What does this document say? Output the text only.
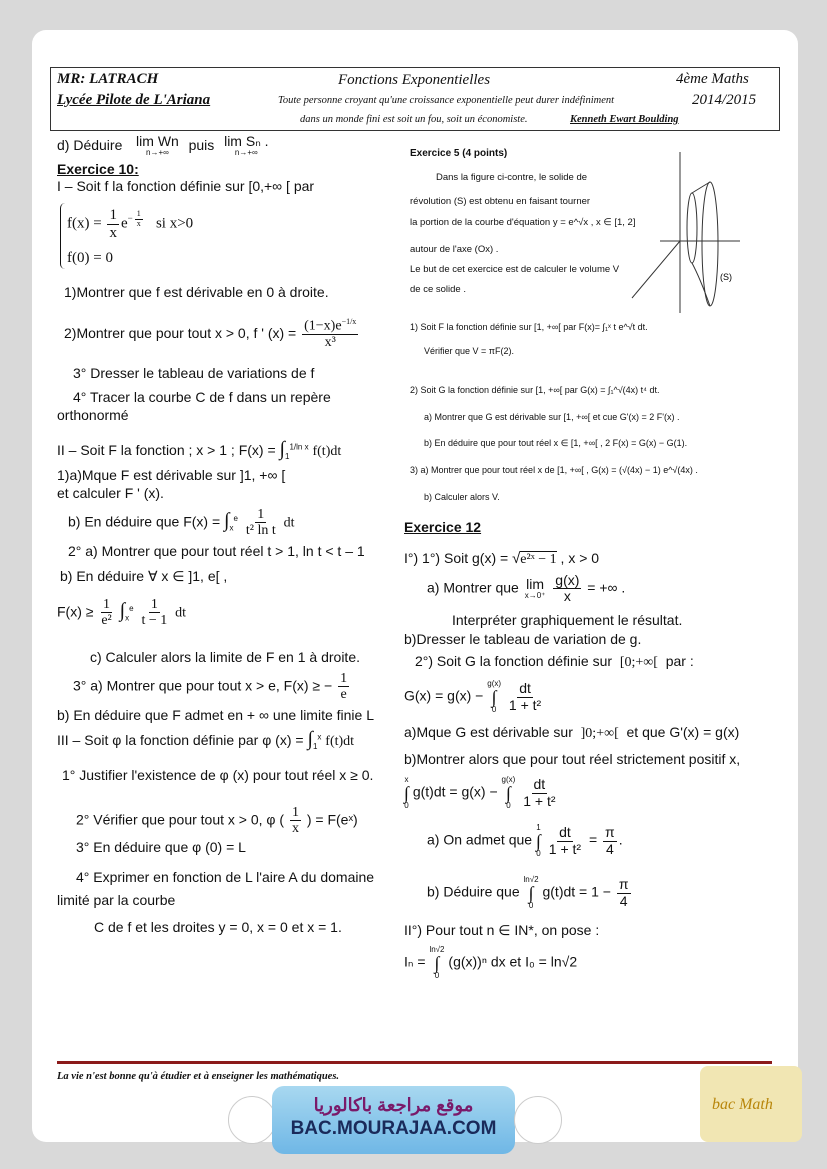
MR: LATRACH
Lycée Pilote de L'Ariana
Fonctions Exponentielles
Toute personne croyant qu'une croissance exponentielle peut durer indéfiniment
dans un monde fini est soit un fou, soit un économiste.	Kenneth Ewart Boulding
4ème Maths
2014/2015
d) Déduire lim Wn
n→+∞
puis lim Sₙ .
n→+∞
Exercice 10:
I – Soit f la fonction définie sur [0,+∞ [ par
$f(x) = \frac{1}{x} e^{- \frac{1}{x}}$ si x>0
f(0) = 0
1)Montrer que f est dérivable en 0 à droite.
2)Montrer que pour tout x > 0, f ' $(x) = \frac{(1-x)e^{-1/x}}{\text{x³}}$
3° Dresser le tableau de variations de f
4° Tracer la courbe C de f dans un repère
orthonormé
II – Soit F la fonction ; x > 1 ; $F(x) = \int_1^{1/ln x}$ f(t)dt
1)a)Mque F est dérivable sur ]1, +∞ [
et calculer F ' (x).
b) En déduire que $F(x) = \int_x^e \frac{1}{\text{t² ln t}}$ dt
2° a) Montrer que pour tout réel t > 1, ln t < t – 1
b) En déduire ∀ x ∈ ]1, e[ ,
$F(x) \ge \frac{1}{\text{e²}} \int_x^e \frac{1}{t - 1}$ dt
c) Calculer alors la limite de F en 1 à droite.
3° a) Montrer que pour tout x > e, F(x) ≥ − $\frac{1}{e}$
b) En déduire que F admet en + ∞ une limite finie L
III – Soit φ la fonction définie par φ $(x) = \int_1^x$ f(t)dt
1° Justifier l'existence de φ (x) pour tout réel x ≥ 0.
2° Vérifier que pour tout x > 0, φ ( $\frac{1}{x}$ ) = F(eˣ)
3° En déduire que φ (0) = L
4° Exprimer en fonction de L l'aire A du domaine
limité par la courbe
C de f et les droites y = 0, x = 0 et x = 1.
Exercice 5 (4 points)
Dans la figure ci-contre, le solide de
révolution (S) est obtenu en faisant tourner
la portion de la courbe d'équation y = e^√x , x ∈ [1, 2]
autour de l'axe (Ox) .
Le but de cet exercice est de calculer le volume V
de ce solide .
(S)
1) Soit F la fonction définie sur [1, +∞[ par F(x)= ∫₁ˣ t e^√t dt.
Vérifier que V = πF(2).
2) Soit G la fonction définie sur [1, +∞[ par G(x) = ∫₁^√(4x) t⁴ dt.
a) Montrer que G est dérivable sur [1, +∞[ et cue G'(x) = 2 F'(x) .
b) En déduire que pour tout réel x ∈ [1, +∞[ , 2 F(x) = G(x) − G(1).
3) a) Montrer que pour tout réel x de [1, +∞[ , G(x) = (√(4x) − 1) e^√(4x) .
b) Calculer alors V.
Exercice 12
I°) 1°) Soit g(x) = √e²ˣ − 1 , x > 0
a) Montrer que lim
x→0⁺
$\frac{g(x)}{x}$ = +∞ .
Interpréter graphiquement le résultat.
b)Dresser le tableau de variation de g.
2°) Soit G la fonction définie sur [0;+∞[ par :
G(x) = g(x) −
g(x)
∫
0
$\frac{dt}{\text{1 + t²}}$
a)Mque G est dérivable sur ]0;+∞[ et que G'(x) = g(x)
b)Montrer alors que pour tout réel strictement positif x,
x
∫
0
g(t)dt = g(x) −
g(x)
∫
0
$\frac{dt}{\text{1 + t²}}$
a) On admet que
1
∫
0
$\frac{dt}{\text{1 + t²}} = \frac{\pi}{4}$ .
b) Déduire que
ln√2
∫
0
$g(t)dt = 1 - \frac{\pi}{4}$
II°) Pour tout n ∈ IN*, on pose :
Iₙ =
ln√2
∫
0
(g(x))ⁿ dx et I₀ = ln√2
La vie n'est bonne qu'à étudier et à enseigner les mathématiques.
موقع مراجعة باكالوريا
BAC.MOURAJAA.COM
bac Math
